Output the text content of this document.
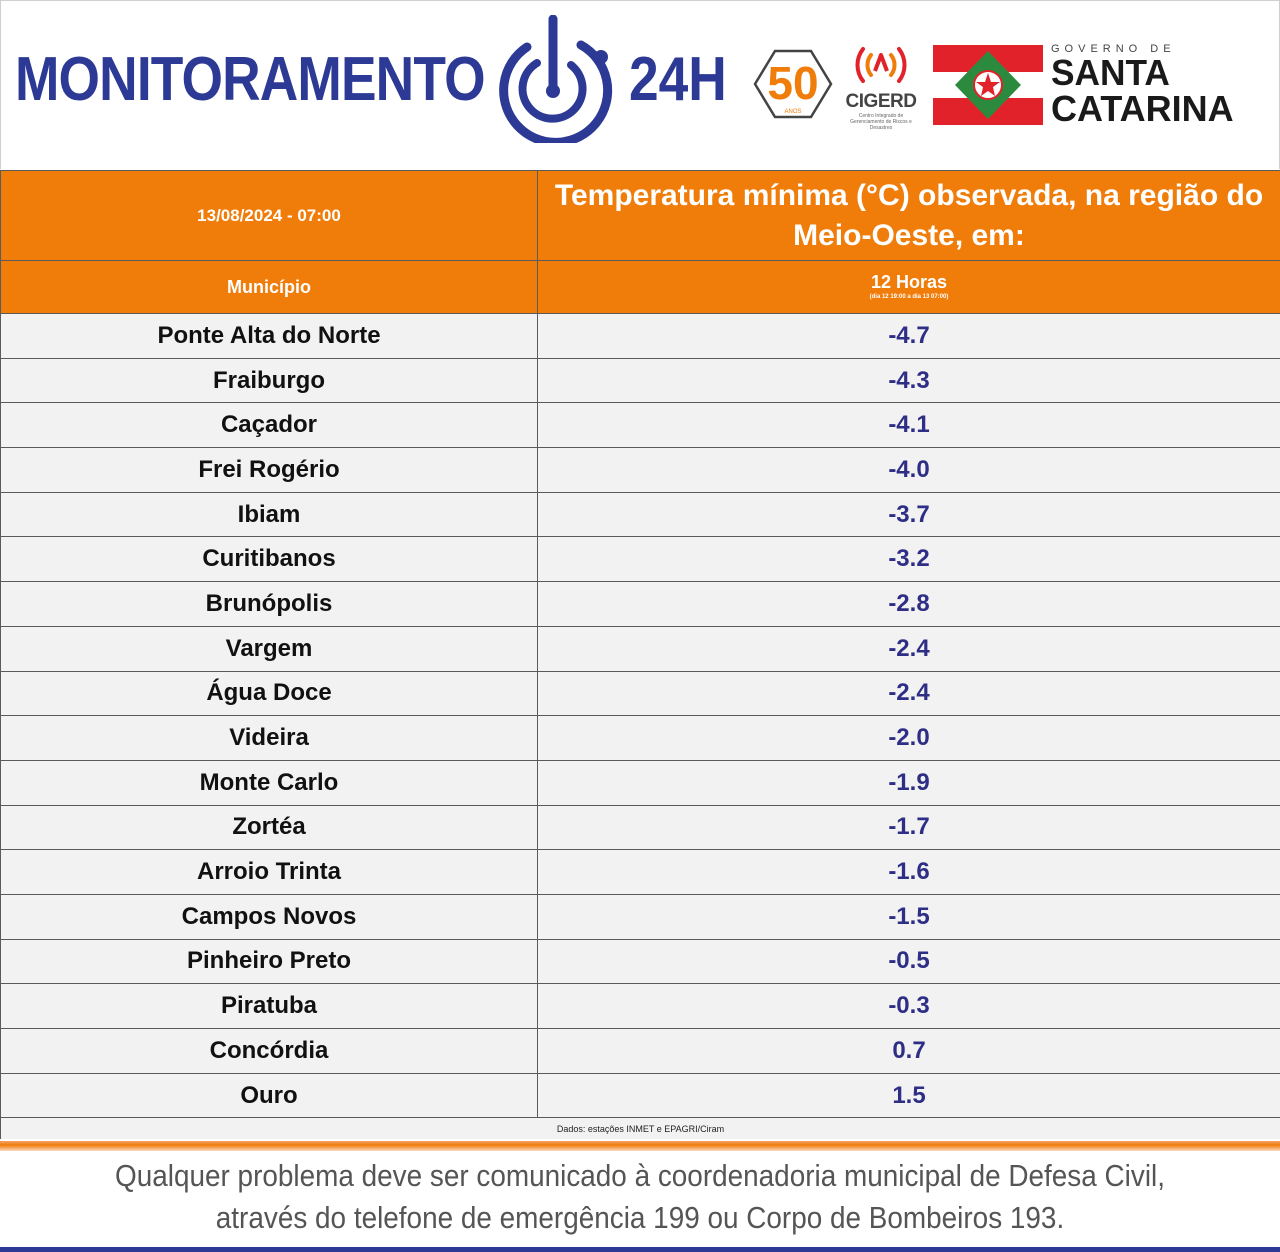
MONITORAMENTO 24H 50
ANOS CIGERD
Centro Integrado de Gerenciamento de Riscos e Desastres
GOVERNO DE
SANTA
CATARINA
13/08/2024 - 07:00	Temperatura mínima (°C) observada, na região do Meio-Oeste, em:
Município	12 Horas
(dia 12 19:00 a dia 13 07:00)

Ponte Alta do Norte	-4.7
Fraiburgo	-4.3
Caçador	-4.1
Frei Rogério	-4.0
Ibiam	-3.7
Curitibanos	-3.2
Brunópolis	-2.8
Vargem	-2.4
Água Doce	-2.4
Videira	-2.0
Monte Carlo	-1.9
Zortéa	-1.7
Arroio Trinta	-1.6
Campos Novos	-1.5
Pinheiro Preto	-0.5
Piratuba	-0.3
Concórdia	0.7
Ouro	1.5
Dados: estações INMET e EPAGRI/Ciram	
Qualquer problema deve ser comunicado à coordenadoria municipal de Defesa Civil,
através do telefone de emergência 199 ou Corpo de Bombeiros 193.
